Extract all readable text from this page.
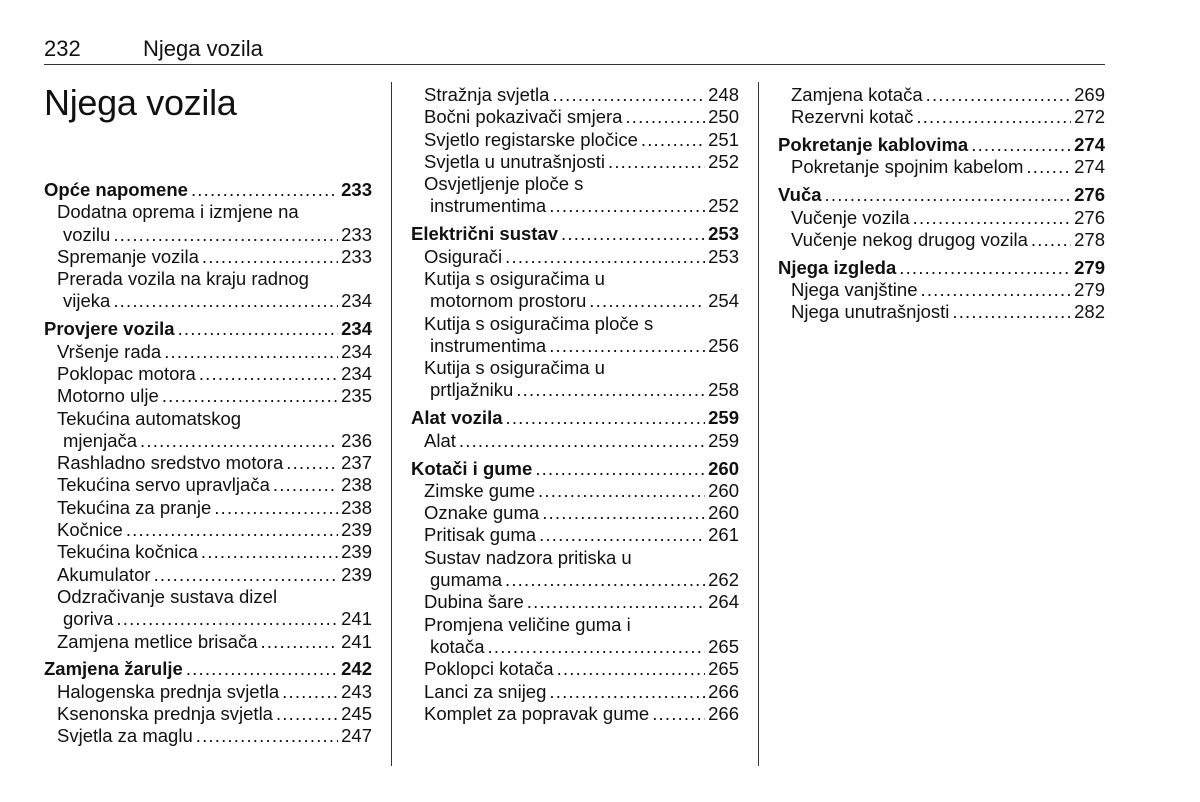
232	Njega vozila
Njega vozila
Opće napomene .....	233
Dodatna oprema i izmjene na
vozilu .....	233
Spremanje vozila .....	233
Prerada vozila na kraju radnog
vijeka .....	234
Provjere vozila .....	234
Vršenje rada .....	234
Poklopac motora .....	234
Motorno ulje .....	235
Tekućina automatskog
mjenjača .....	236
Rashladno sredstvo motora .....	237
Tekućina servo upravljača .....	238
Tekućina za pranje .....	238
Kočnice .....	239
Tekućina kočnica .....	239
Akumulator .....	239
Odzračivanje sustava dizel
goriva .....	241
Zamjena metlice brisača .....	241
Zamjena žarulje .....	242
Halogenska prednja svjetla .....	243
Ksenonska prednja svjetla .....	245
Svjetla za maglu .....	247
Stražnja svjetla .....	248
Bočni pokazivači smjera .....	250
Svjetlo registarske pločice .....	251
Svjetla u unutrašnjosti .....	252
Osvjetljenje ploče s
instrumentima .....	252
Električni sustav .....	253
Osigurači .....	253
Kutija s osiguračima u
motornom prostoru .....	254
Kutija s osiguračima ploče s
instrumentima .....	256
Kutija s osiguračima u
prtljažniku .....	258
Alat vozila .....	259
Alat .....	259
Kotači i gume .....	260
Zimske gume .....	260
Oznake guma .....	260
Pritisak guma .....	261
Sustav nadzora pritiska u
gumama .....	262
Dubina šare .....	264
Promjena veličine guma i
kotača .....	265
Poklopci kotača .....	265
Lanci za snijeg .....	266
Komplet za popravak gume .....	266
Zamjena kotača .....	269
Rezervni kotač .....	272
Pokretanje kablovima .....	274
Pokretanje spojnim kabelom .....	274
Vuča .....	276
Vučenje vozila .....	276
Vučenje nekog drugog vozila ..... 278
Njega izgleda .....	279
Njega vanjštine .....	279
Njega unutrašnjosti .....	282
